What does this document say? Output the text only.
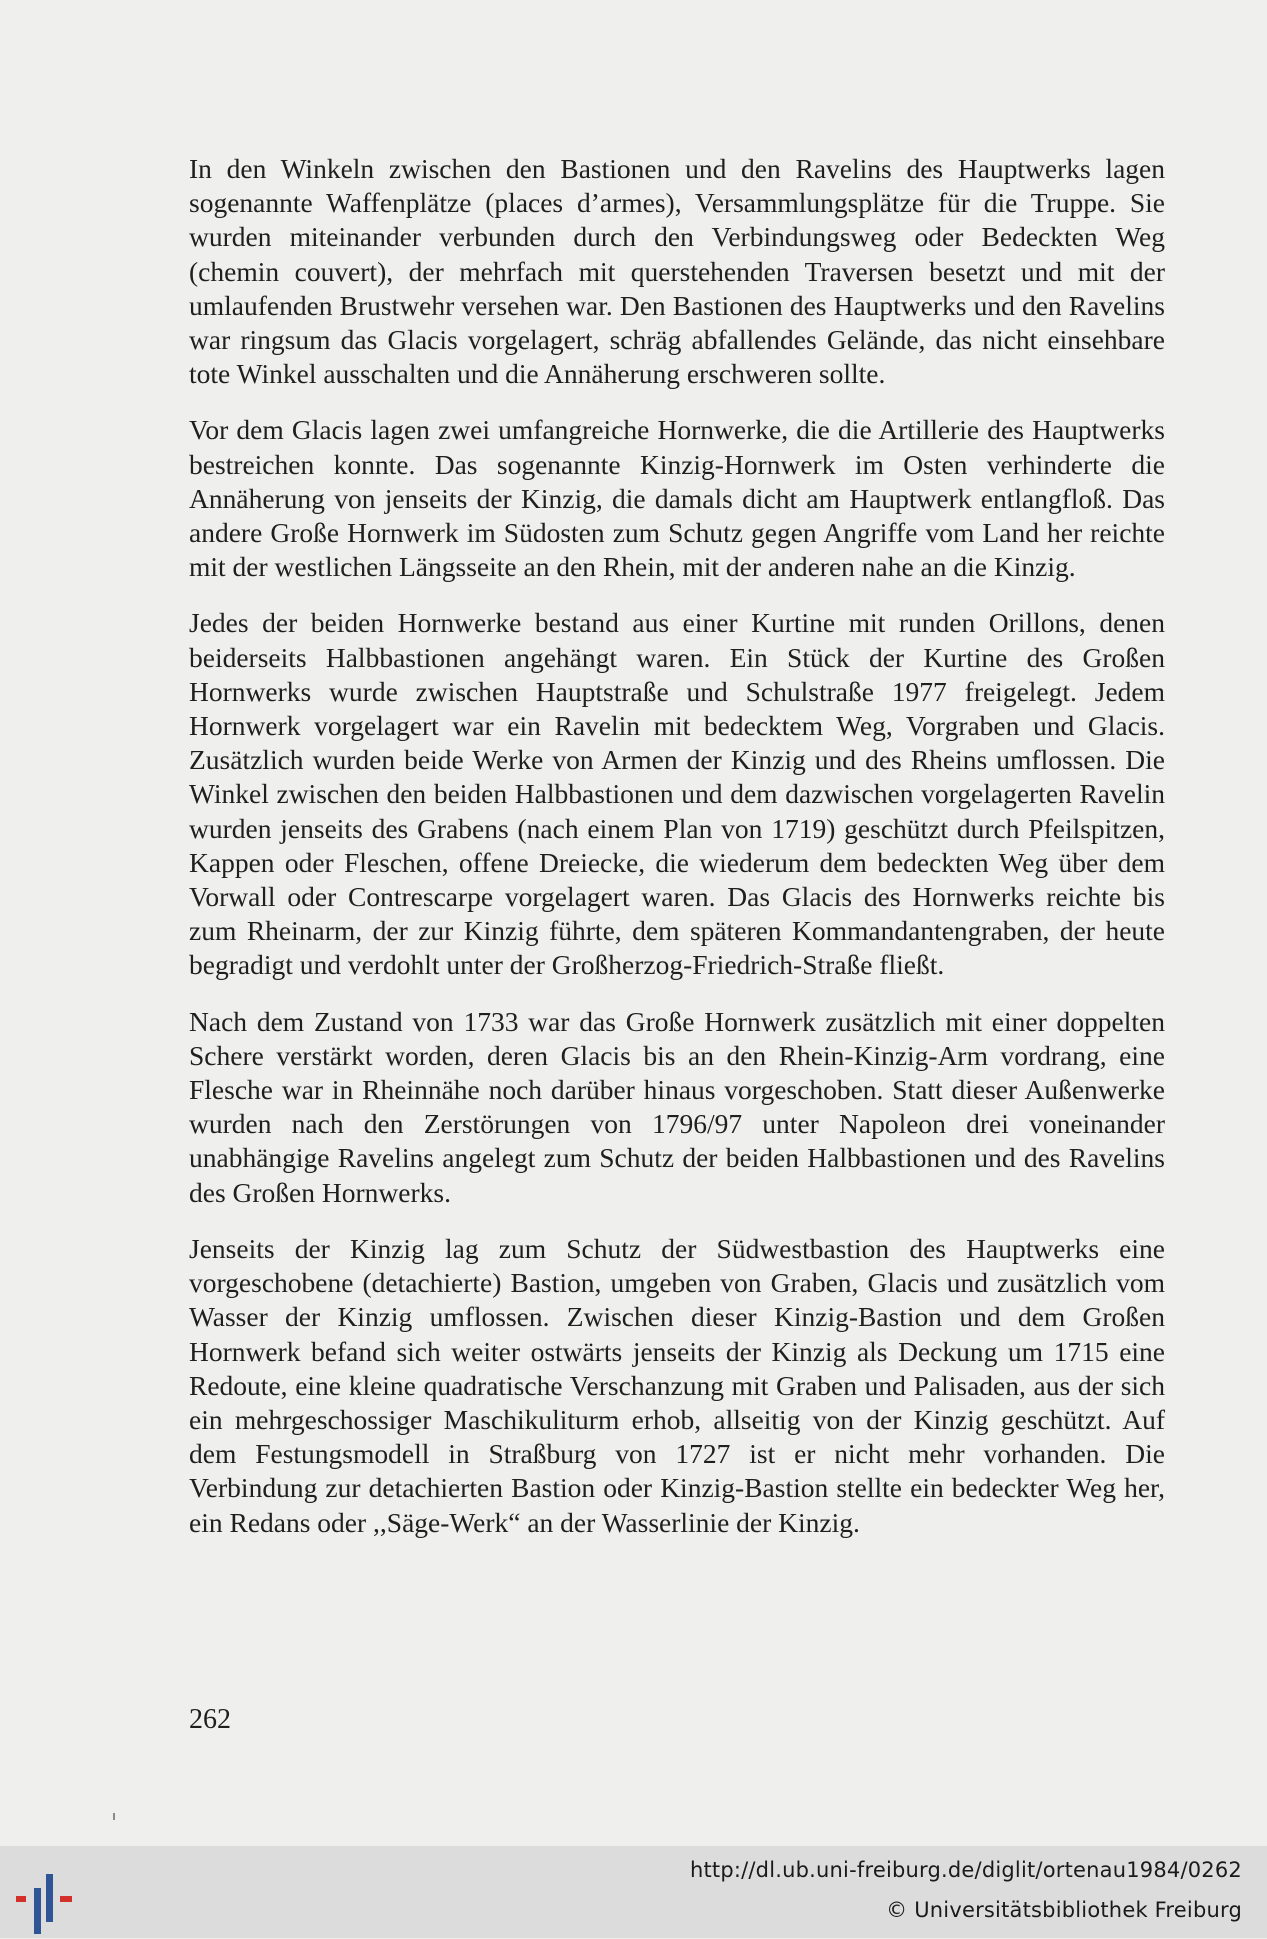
In den Winkeln zwischen den Bastionen und den Ravelins des Hauptwerks lagen sogenannte Waffenplätze (places d’armes), Versammlungsplätze für die Truppe. Sie wurden miteinander verbunden durch den Verbindungsweg oder Bedeckten Weg (chemin couvert), der mehrfach mit querstehenden Traversen besetzt und mit der umlaufenden Brustwehr versehen war. Den Bastionen des Hauptwerks und den Ravelins war ringsum das Glacis vorgelagert, schräg abfallendes Gelände, das nicht einsehbare tote Winkel ausschalten und die Annäherung erschweren sollte.

Vor dem Glacis lagen zwei umfangreiche Hornwerke, die die Artillerie des Hauptwerks bestreichen konnte. Das sogenannte Kinzig-Hornwerk im Osten verhinderte die Annäherung von jenseits der Kinzig, die damals dicht am Hauptwerk entlangfloß. Das andere Große Hornwerk im Südosten zum Schutz gegen Angriffe vom Land her reichte mit der westlichen Längsseite an den Rhein, mit der anderen nahe an die Kinzig.

Jedes der beiden Hornwerke bestand aus einer Kurtine mit runden Orillons, denen beiderseits Halbbastionen angehängt waren. Ein Stück der Kurtine des Großen Hornwerks wurde zwischen Hauptstraße und Schulstraße 1977 freigelegt. Jedem Hornwerk vorgelagert war ein Ravelin mit bedecktem Weg, Vorgraben und Glacis. Zusätzlich wurden beide Werke von Armen der Kinzig und des Rheins umflossen. Die Winkel zwischen den beiden Halbbastionen und dem dazwischen vorgelagerten Ravelin wurden jenseits des Grabens (nach einem Plan von 1719) geschützt durch Pfeilspitzen, Kappen oder Fleschen, offene Dreiecke, die wiederum dem bedeckten Weg über dem Vorwall oder Contrescarpe vorgelagert waren. Das Glacis des Hornwerks reichte bis zum Rheinarm, der zur Kinzig führte, dem späteren Kommandantengraben, der heute begradigt und verdohlt unter der Großherzog-Friedrich-Straße fließt.

Nach dem Zustand von 1733 war das Große Hornwerk zusätzlich mit einer doppelten Schere verstärkt worden, deren Glacis bis an den Rhein-Kinzig-Arm vordrang, eine Flesche war in Rheinnähe noch darüber hinaus vorgeschoben. Statt dieser Außenwerke wurden nach den Zerstörungen von 1796/97 unter Napoleon drei voneinander unabhängige Ravelins angelegt zum Schutz der beiden Halbbastionen und des Ravelins des Großen Hornwerks.

Jenseits der Kinzig lag zum Schutz der Südwestbastion des Hauptwerks eine vorgeschobene (detachierte) Bastion, umgeben von Graben, Glacis und zusätzlich vom Wasser der Kinzig umflossen. Zwischen dieser Kinzig-Bastion und dem Großen Hornwerk befand sich weiter ostwärts jenseits der Kinzig als Deckung um 1715 eine Redoute, eine kleine quadratische Verschanzung mit Graben und Palisaden, aus der sich ein mehrgeschossiger Maschikuliturm erhob, allseitig von der Kinzig geschützt. Auf dem Festungsmodell in Straßburg von 1727 ist er nicht mehr vorhanden. Die Verbindung zur detachierten Bastion oder Kinzig-Bastion stellte ein bedeckter Weg her, ein Redans oder ,,Säge-Werk“ an der Wasserlinie der Kinzig.

262
http://dl.ub.uni-freiburg.de/diglit/ortenau1984/0262
© Universitätsbibliothek Freiburg
